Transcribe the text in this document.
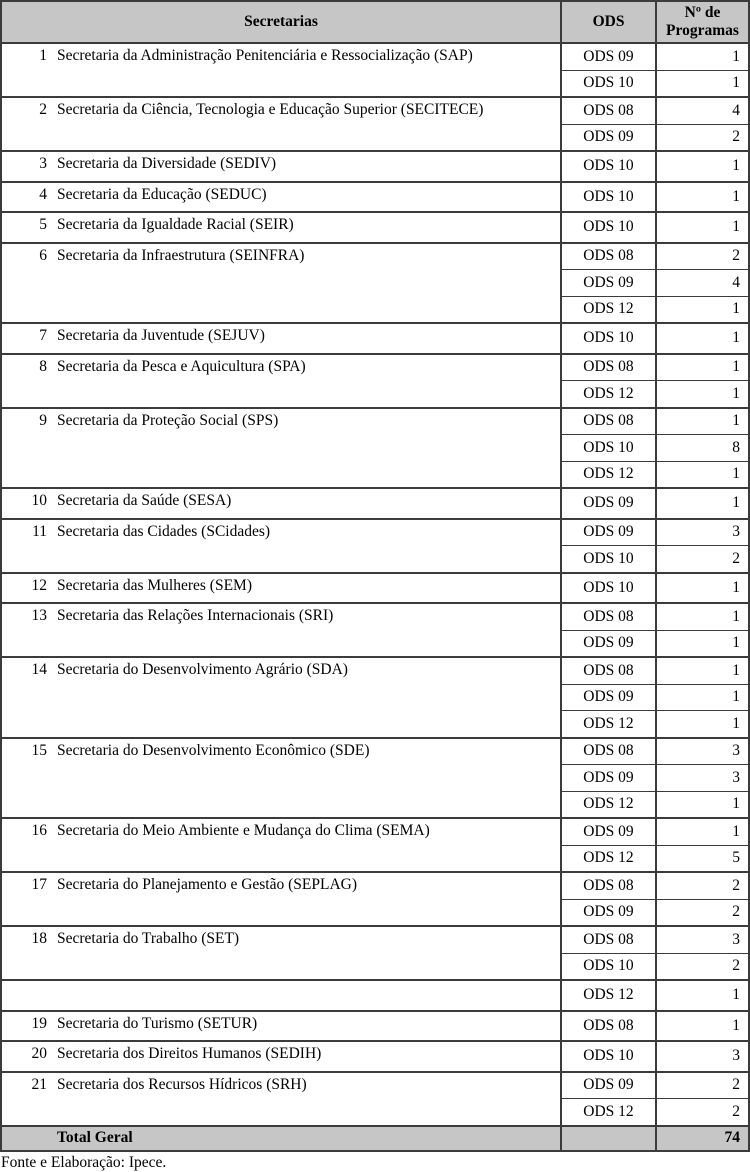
Secretarias	ODS	Nº de Programas
1 Secretaria da Administração Penitenciária e Ressocialização (SAP)	ODS 09	1
	ODS 10	1
2 Secretaria da Ciência, Tecnologia e Educação Superior (SECITECE)	ODS 08	4
	ODS 09	2
3 Secretaria da Diversidade (SEDIV)	ODS 10	1
4 Secretaria da Educação (SEDUC)	ODS 10	1
5 Secretaria da Igualdade Racial (SEIR)	ODS 10	1
6 Secretaria da Infraestrutura (SEINFRA)	ODS 08	2
	ODS 09	4
	ODS 12	1
7 Secretaria da Juventude (SEJUV)	ODS 10	1
8 Secretaria da Pesca e Aquicultura (SPA)	ODS 08	1
	ODS 12	1
9 Secretaria da Proteção Social (SPS)	ODS 08	1
	ODS 10	8
	ODS 12	1
10 Secretaria da Saúde (SESA)	ODS 09	1
11 Secretaria das Cidades (SCidades)	ODS 09	3
	ODS 10	2
12 Secretaria das Mulheres (SEM)	ODS 10	1
13 Secretaria das Relações Internacionais (SRI)	ODS 08	1
	ODS 09	1
14 Secretaria do Desenvolvimento Agrário (SDA)	ODS 08	1
	ODS 09	1
	ODS 12	1
15 Secretaria do Desenvolvimento Econômico (SDE)	ODS 08	3
	ODS 09	3
	ODS 12	1
16 Secretaria do Meio Ambiente e Mudança do Clima (SEMA)	ODS 09	1
	ODS 12	5
17 Secretaria do Planejamento e Gestão (SEPLAG)	ODS 08	2
	ODS 09	2
18 Secretaria do Trabalho (SET)	ODS 08	3
	ODS 10	2
	ODS 12	1
19 Secretaria do Turismo (SETUR)	ODS 08	1
20 Secretaria dos Direitos Humanos (SEDIH)	ODS 10	3
21 Secretaria dos Recursos Hídricos (SRH)	ODS 09	2
	ODS 12	2
Total Geral		74
Fonte e Elaboração: Ipece.
